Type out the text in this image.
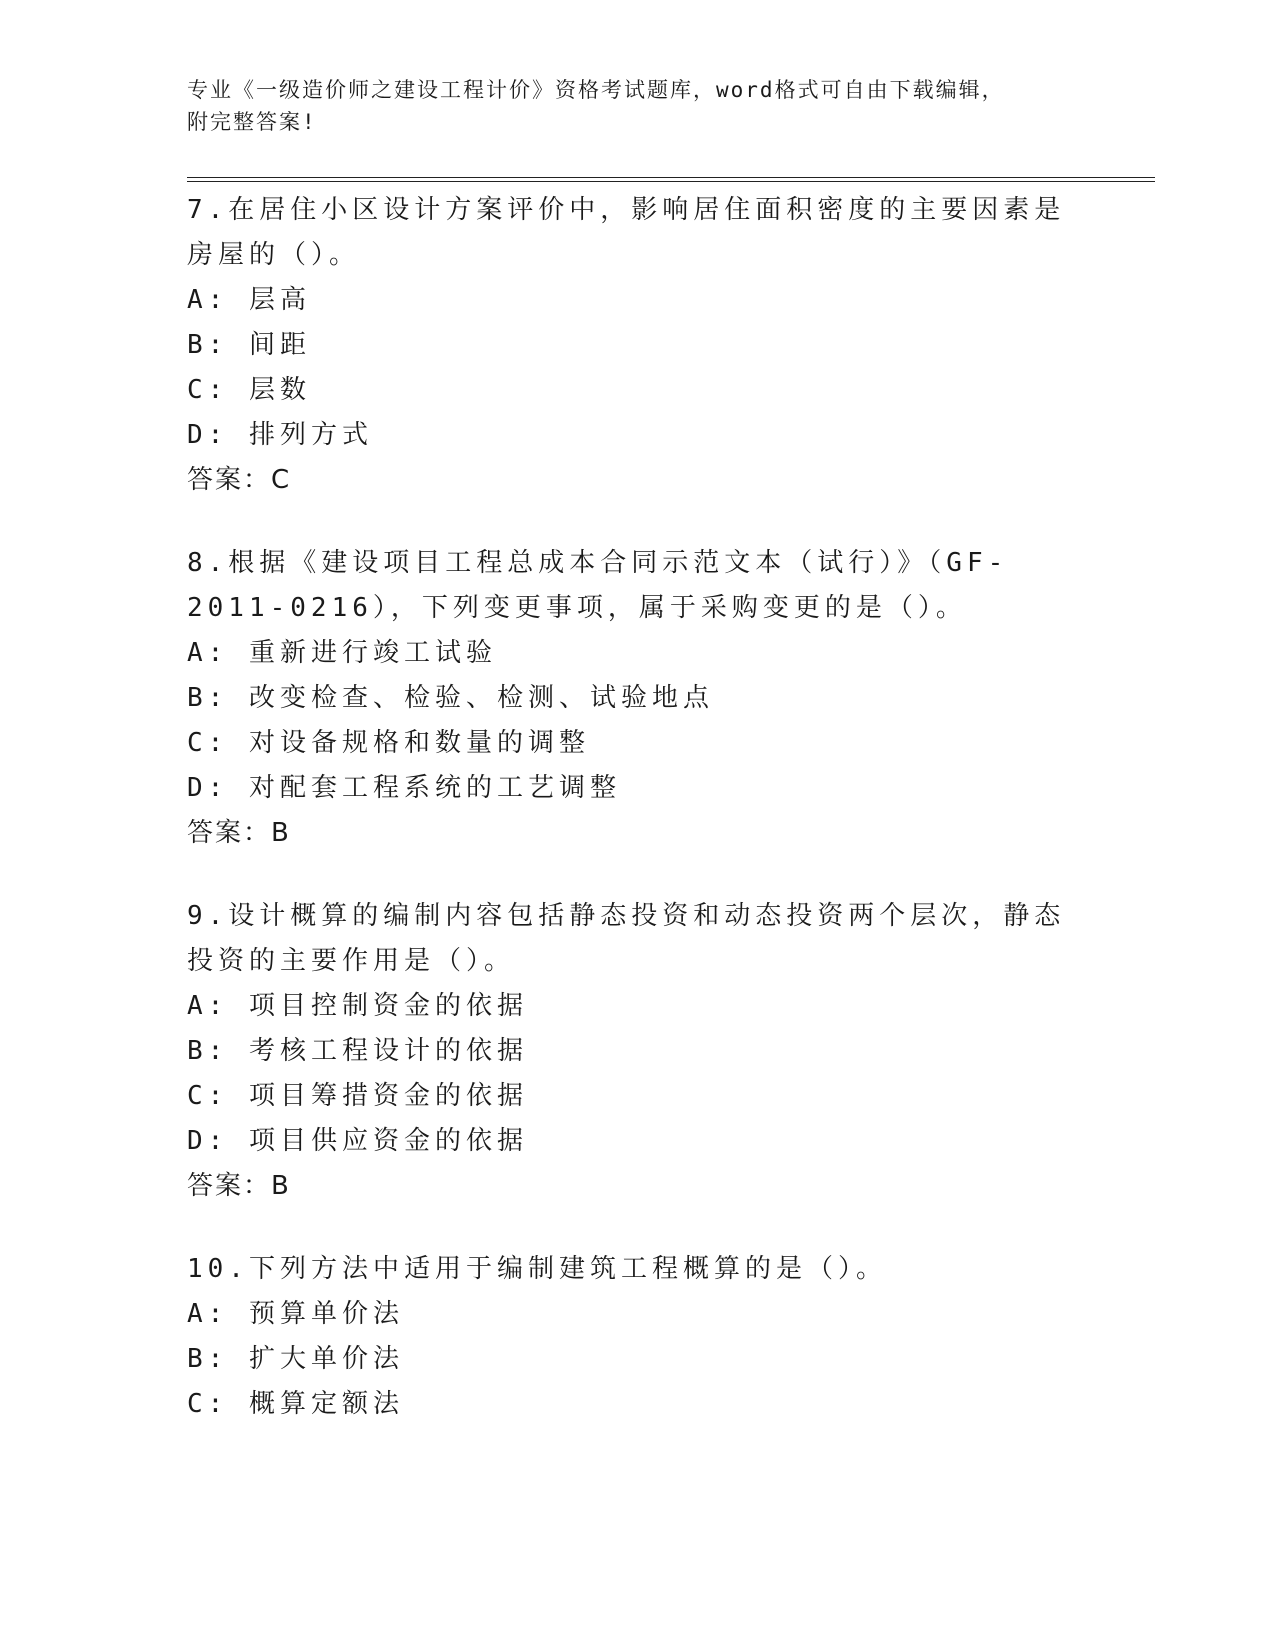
专业《一级造价师之建设工程计价》资格考试题库，word格式可自由下载编辑，
附完整答案!
7.在居住小区设计方案评价中，影响居住面积密度的主要因素是房屋的（）。
A: 层高
B: 间距
C: 层数
D: 排列方式
答案：C
8.根据《建设项目工程总成本合同示范文本（试行）》（GF-2011-0216），下列变更事项，属于采购变更的是（）。
A: 重新进行竣工试验
B: 改变检查、检验、检测、试验地点
C: 对设备规格和数量的调整
D: 对配套工程系统的工艺调整
答案：B
9.设计概算的编制内容包括静态投资和动态投资两个层次，静态投资的主要作用是（）。
A: 项目控制资金的依据
B: 考核工程设计的依据
C: 项目筹措资金的依据
D: 项目供应资金的依据
答案：B
10.下列方法中适用于编制建筑工程概算的是（）。
A: 预算单价法
B: 扩大单价法
C: 概算定额法
